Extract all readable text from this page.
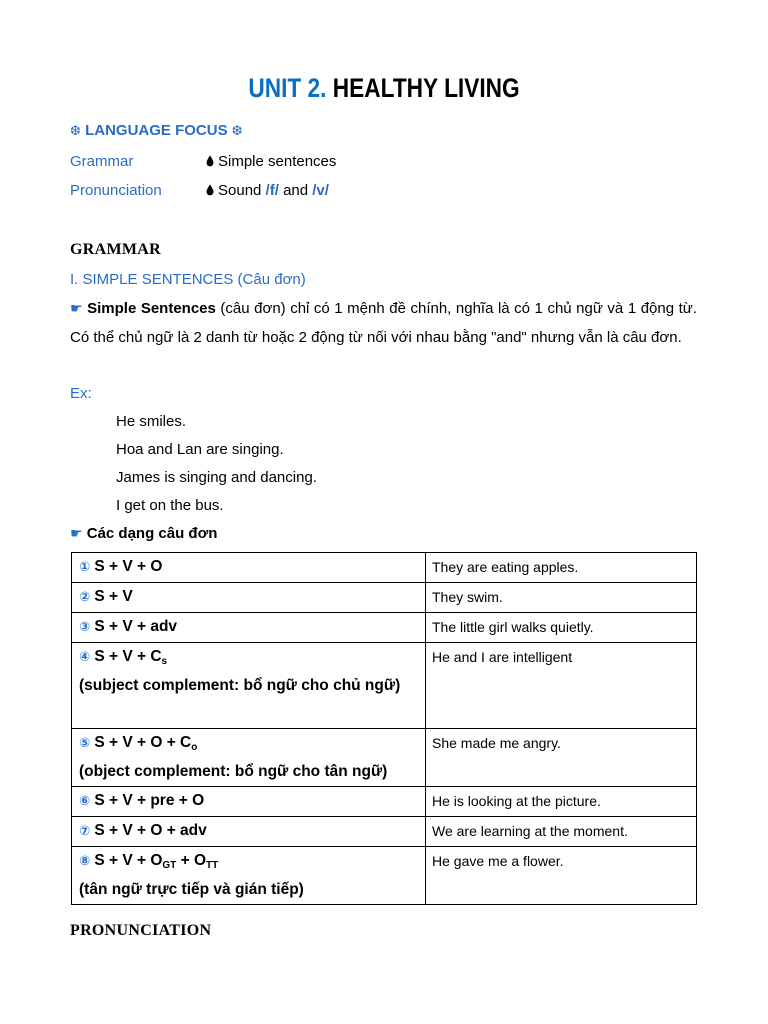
UNIT 2. HEALTHY LIVING
❆ LANGUAGE FOCUS ❆
Grammar	Simple sentences
Pronunciation	Sound /f/ and /v/
GRAMMAR
I. SIMPLE SENTENCES (Câu đơn)

☛ Simple Sentences (câu đơn) chỉ có 1 mệnh đề chính, nghĩa là có 1 chủ ngữ và 1 động từ. Có thể chủ ngữ là 2 danh từ hoặc 2 động từ nối với nhau bằng "and" nhưng vẫn là câu đơn.

Ex:
He smiles.
Hoa and Lan are singing.
James is singing and dancing.
I get on the bus.
☛ Các dạng câu đơn
① S + V + O	They are eating apples.

② S + V	They swim.

③ S + V + adv	The little girl walks quietly.

④ $S + V + C_s$
(subject complement: bổ ngữ cho chủ ngữ)	He and I are intelligent

⑤ $S + V + O + C_o$
(object complement: bổ ngữ cho tân ngữ)	She made me angry.

⑥ S + V + pre + O	He is looking at the picture.

⑦ S + V + O + adv	We are learning at the moment.

⑧ $S + V + O_{GT} + O_{TT}$
(tân ngữ trực tiếp và gián tiếp)	He gave me a flower.
PRONUNCIATION
